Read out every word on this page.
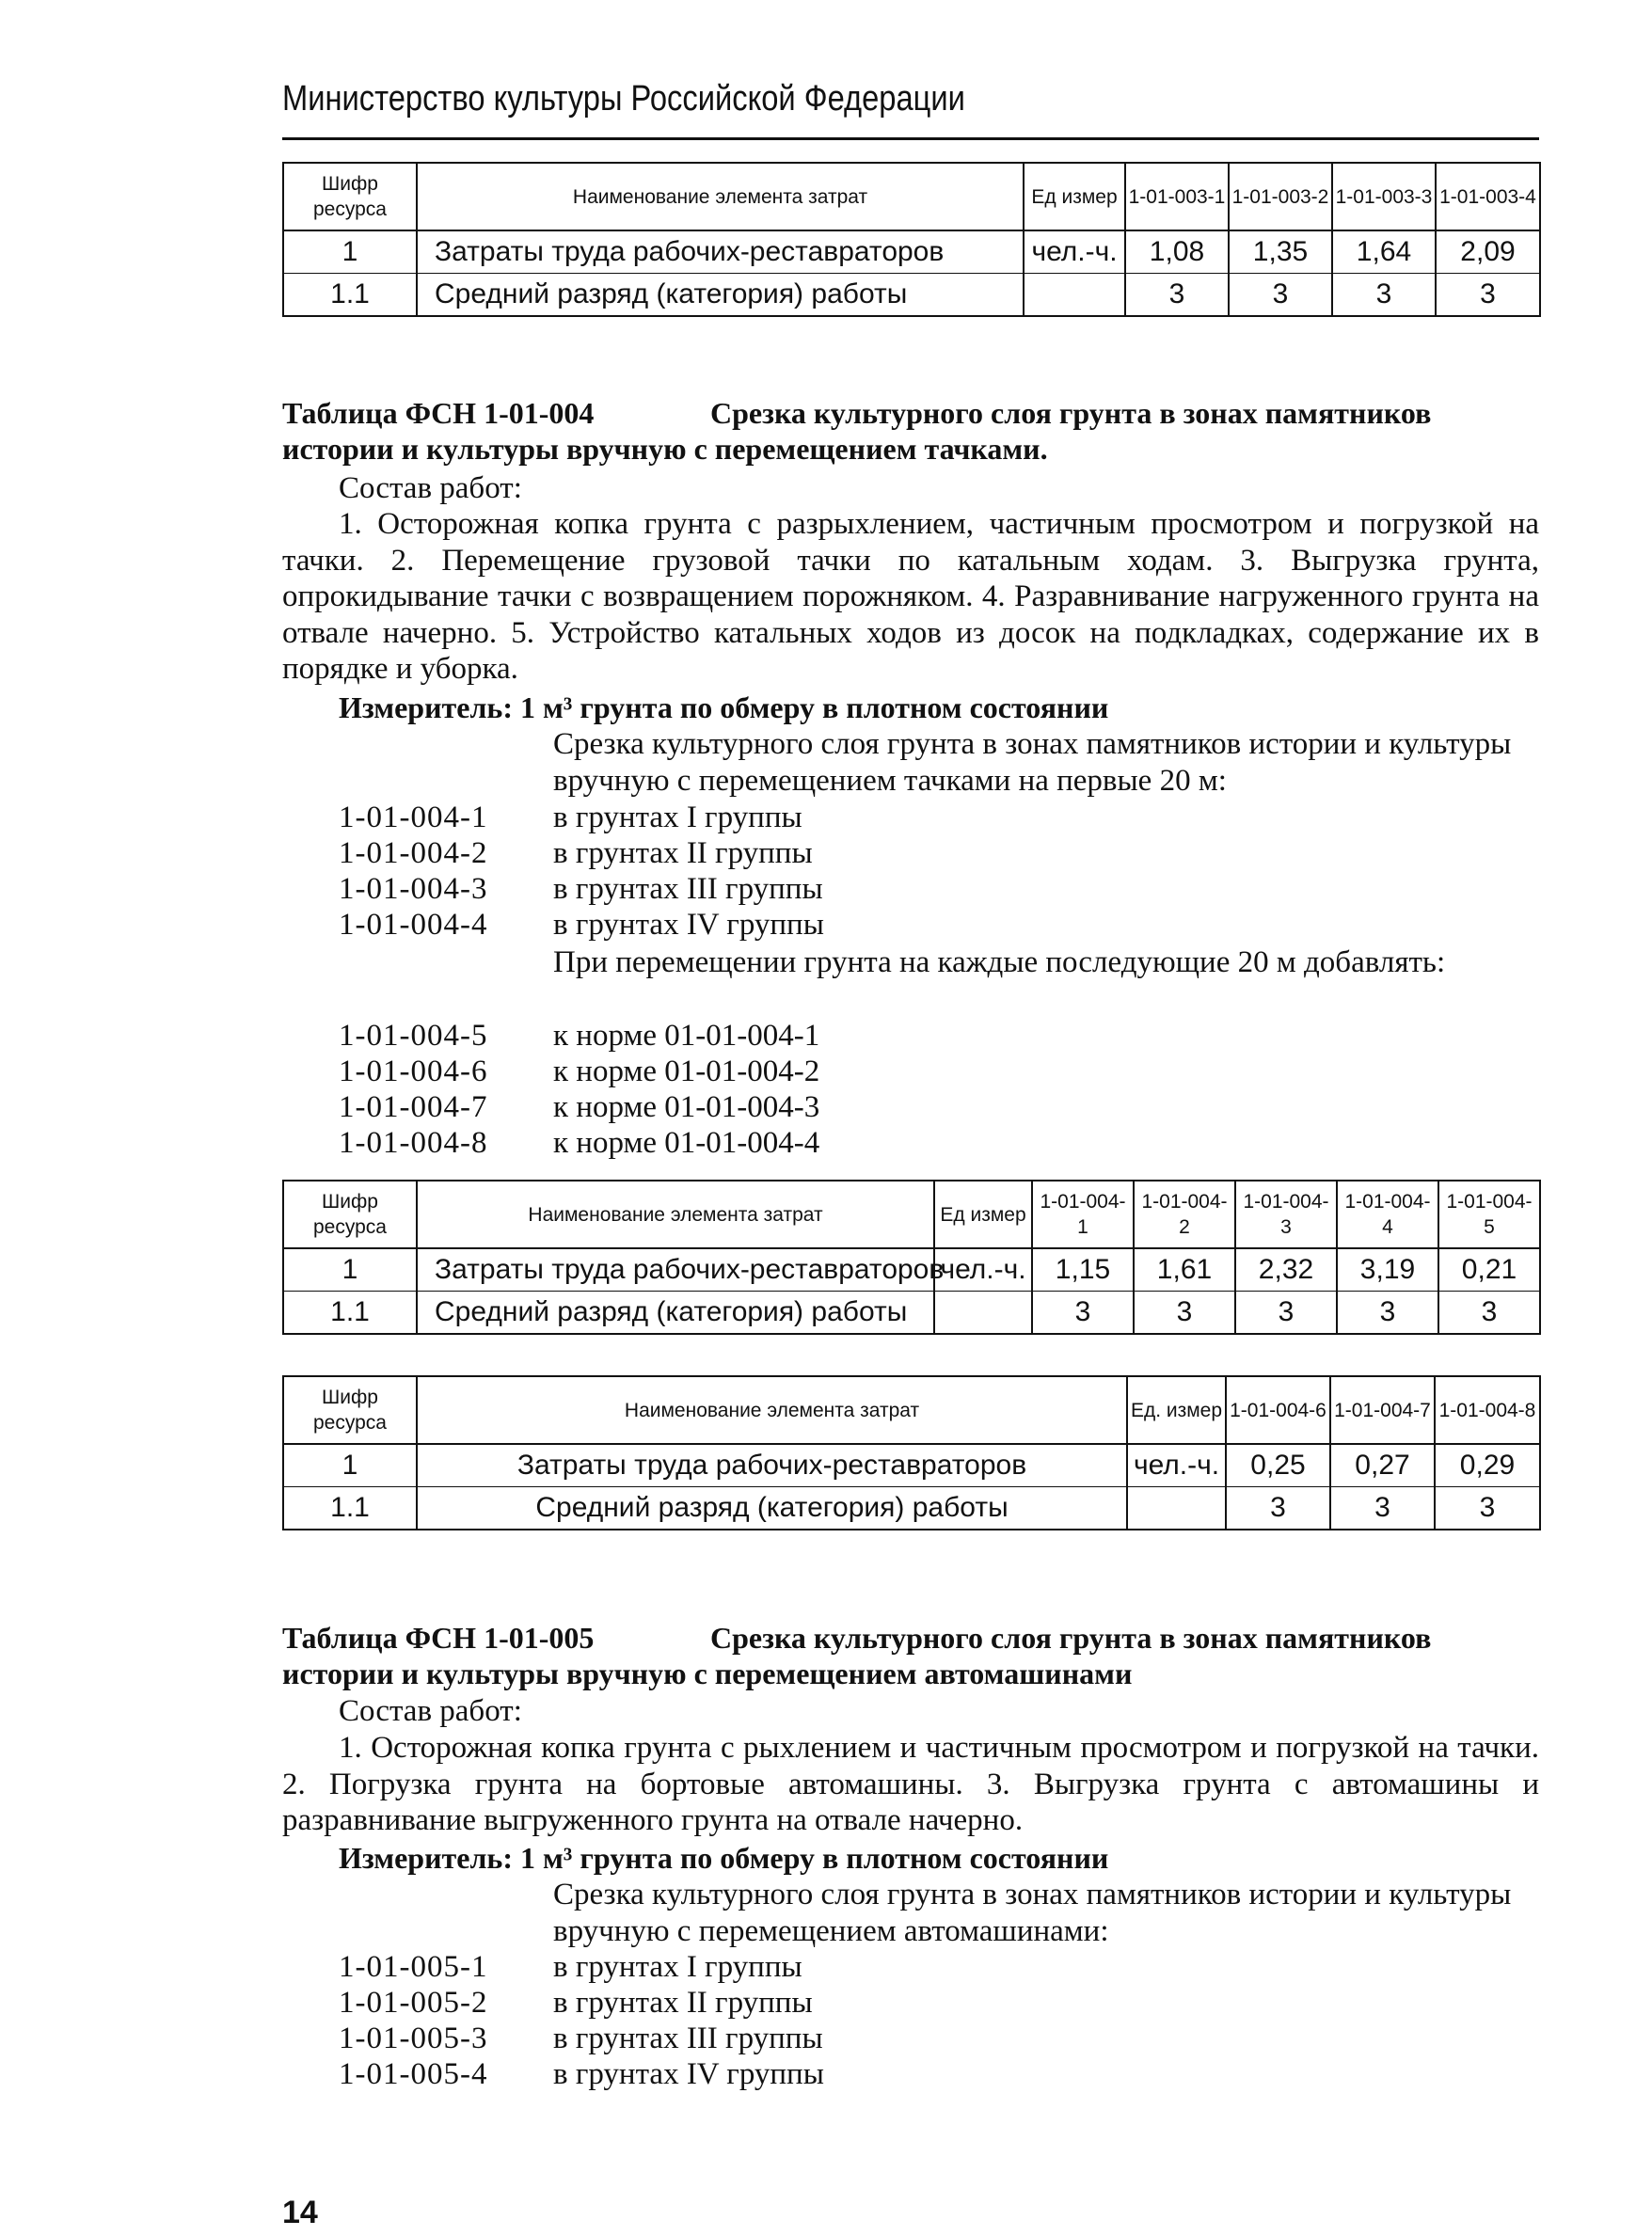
Министерство культуры Российской Федерации
Шифр ресурса	Наименование элемента затрат	Ед измер	1-01-003-1	1-01-003-2	1-01-003-3	1-01-003-4
1	Затраты труда рабочих-реставраторов	чел.-ч.	1,08	1,35	1,64	2,09
1.1	Средний разряд (категория) работы		3	3	3	3
Таблица ФСН 1-01-004	Срезка культурного слоя грунта в зонах памятников
истории и культуры вручную с перемещением тачками.
Состав работ:

1. Осторожная копка грунта с разрыхлением, частичным просмотром и погрузкой на тачки. 2. Перемещение грузовой тачки по катальным ходам. 3. Выгрузка грунта, опрокидывание тачки с возвращением порожняком. 4. Разравнивание нагруженного грунта на отвале начерно. 5. Устройство катальных ходов из досок на подкладках, содержание их в порядке и уборка.

Измеритель: 1 м³ грунта по обмеру в плотном состоянии
Срезка культурного слоя грунта в зонах памятников истории и культуры вручную с перемещением тачками на первые 20 м:
1-01-004-1 в грунтах I группы
1-01-004-2 в грунтах II группы
1-01-004-3 в грунтах III группы
1-01-004-4 в грунтах IV группы
При перемещении грунта на каждые последующие 20 м добавлять:
1-01-004-5 к норме 01-01-004-1
1-01-004-6 к норме 01-01-004-2
1-01-004-7 к норме 01-01-004-3
1-01-004-8 к норме 01-01-004-4
Шифр ресурса	Наименование элемента затрат	Ед измер	1-01-004-1	1-01-004-2	1-01-004-3	1-01-004-4	1-01-004-5
1	Затраты труда рабочих-реставраторов	чел.-ч.	1,15	1,61	2,32	3,19	0,21
1.1	Средний разряд (категория) работы		3	3	3	3	3
Шифр ресурса	Наименование элемента затрат	Ед. измер	1-01-004-6	1-01-004-7	1-01-004-8
1	Затраты труда рабочих-реставраторов	чел.-ч.	0,25	0,27	0,29
1.1	Средний разряд (категория) работы		3	3	3
Таблица ФСН 1-01-005	Срезка культурного слоя грунта в зонах памятников
истории и культуры вручную с перемещением автомашинами
Состав работ:

1. Осторожная копка грунта с рыхлением и частичным просмотром и погрузкой на тачки. 2. Погрузка грунта на бортовые автомашины. 3. Выгрузка грунта с автомашины и разравнивание выгруженного грунта на отвале начерно.

Измеритель: 1 м³ грунта по обмеру в плотном состоянии
Срезка культурного слоя грунта в зонах памятников истории и культуры вручную с перемещением автомашинами:
1-01-005-1 в грунтах I группы
1-01-005-2 в грунтах II группы
1-01-005-3 в грунтах III группы
1-01-005-4 в грунтах IV группы
14
